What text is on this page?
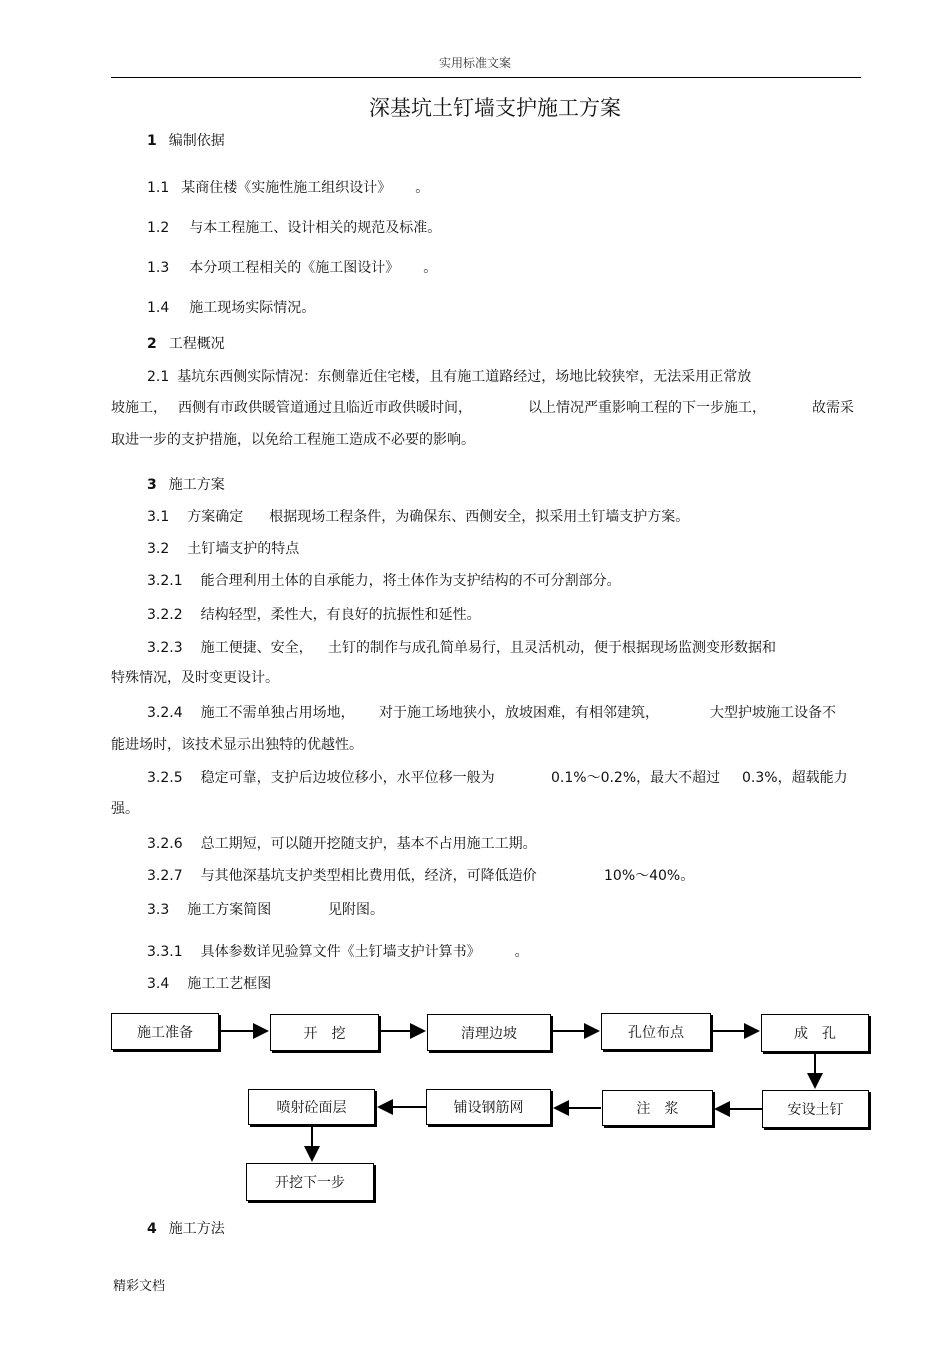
实用标准文案
深基坑土钉墙支护施工方案
1 编制依据
1.1 某商住楼《实施性施工组织设计》 。
1.2 与本工程施工、设计相关的规范及标准。
1.3 本分项工程相关的《施工图设计》 。
1.4 施工现场实际情况。
2 工程概况
2.1 基坑东西侧实际情况：东侧靠近住宅楼，且有施工道路经过，场地比较狭窄，无法采用正常放
坡施工， 西侧有市政供暖管道通过且临近市政供暖时间，	以上情况严重影响工程的下一步施工，	故需采
取进一步的支护措施，以免给工程施工造成不必要的影响。
3 施工方案
3.1 方案确定 根据现场工程条件，为确保东、西侧安全，拟采用土钉墙支护方案。
3.2 土钉墙支护的特点
3.2.1 能合理利用土体的自承能力，将土体作为支护结构的不可分割部分。
3.2.2 结构轻型，柔性大，有良好的抗振性和延性。
3.2.3 施工便捷、安全， 土钉的制作与成孔简单易行，且灵活机动，便于根据现场监测变形数据和
特殊情况，及时变更设计。
3.2.4 施工不需单独占用场地， 对于施工场地狭小，放坡困难，有相邻建筑，	大型护坡施工设备不
能进场时，该技术显示出独特的优越性。
3.2.5 稳定可靠，支护后边坡位移小，水平位移一般为	0.1%～0.2%，最大不超过 0.3%，超载能力
强。
3.2.6 总工期短，可以随开挖随支护，基本不占用施工工期。
3.2.7 与其他深基坑支护类型相比费用低，经济，可降低造价	10%～40%。
3.3 施工方案简图	见附图。
3.3.1 具体参数详见验算文件《土钉墙支护计算书》 。
3.4 施工工艺框图
施工准备	开　挖	清理边坡	孔位布点	成　孔
安设土钉
注　浆
铺设钢筋网
喷射砼面层
开挖下一步
4 施工方法
精彩文档
